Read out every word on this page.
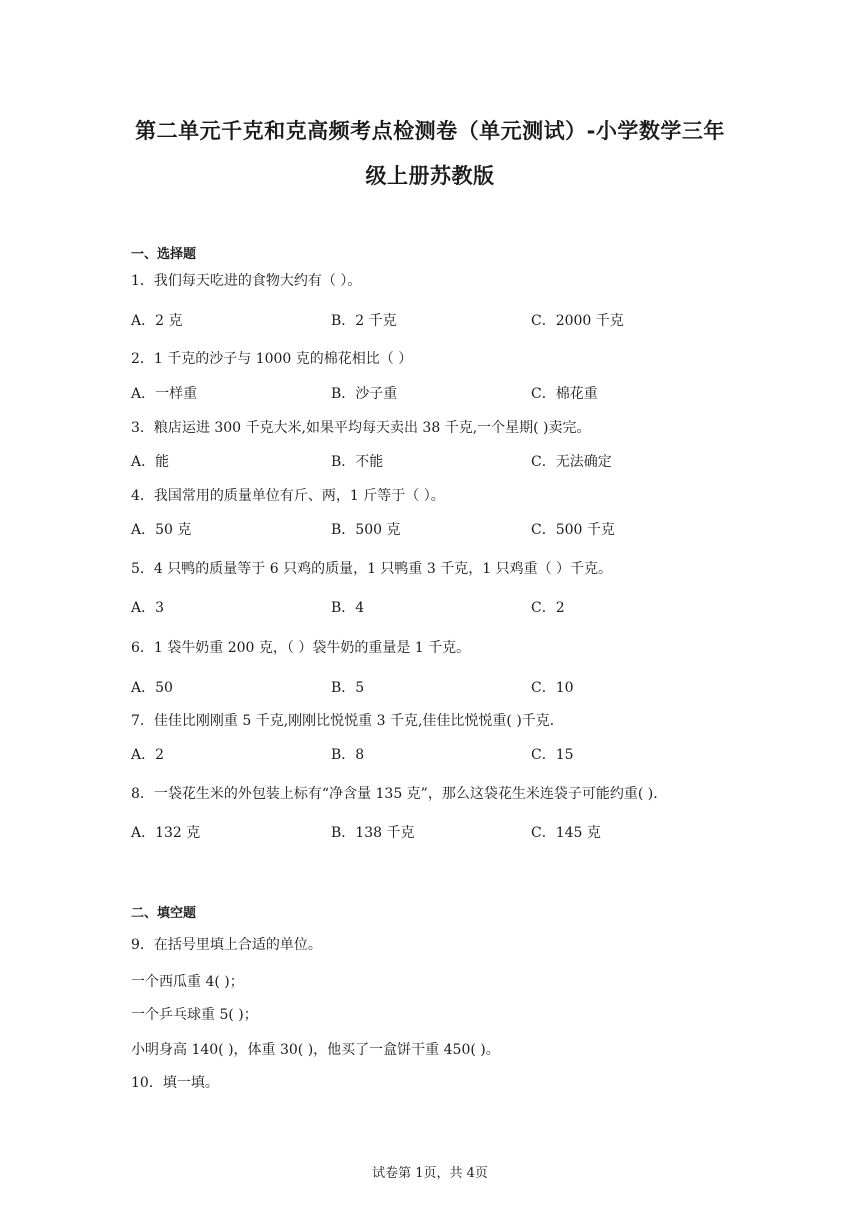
第二单元千克和克高频考点检测卷（单元测试）-小学数学三年
级上册苏教版
一、选择题
1．我们每天吃进的食物大约有（ ）。
A．2 克	B．2 千克	C．2000 千克
2．1 千克的沙子与 1000 克的棉花相比（ ）
A．一样重	B．沙子重	C．棉花重
3．粮店运进 300 千克大米,如果平均每天卖出 38 千克,一个星期( )卖完。
A．能	B．不能	C．无法确定
4．我国常用的质量单位有斤、两，1 斤等于（ ）。
A．50 克	B．500 克	C．500 千克
5．4 只鸭的质量等于 6 只鸡的质量，1 只鸭重 3 千克，1 只鸡重（ ）千克。
A．3	B．4	C．2
6．1 袋牛奶重 200 克，（ ）袋牛奶的重量是 1 千克。
A．50	B．5	C．10
7．佳佳比刚刚重 5 千克,刚刚比悦悦重 3 千克,佳佳比悦悦重( )千克．
A．2	B．8	C．15
8．一袋花生米的外包装上标有“净含量 135 克”，那么这袋花生米连袋子可能约重( ).
A．132 克	B．138 千克	C．145 克
二、填空题
9．在括号里填上合适的单位。
一个西瓜重 4( )；
一个乒乓球重 5( )；
小明身高 140( )，体重 30( )，他买了一盒饼干重 450( )。
10．填一填。
试卷第 1页，共 4页
